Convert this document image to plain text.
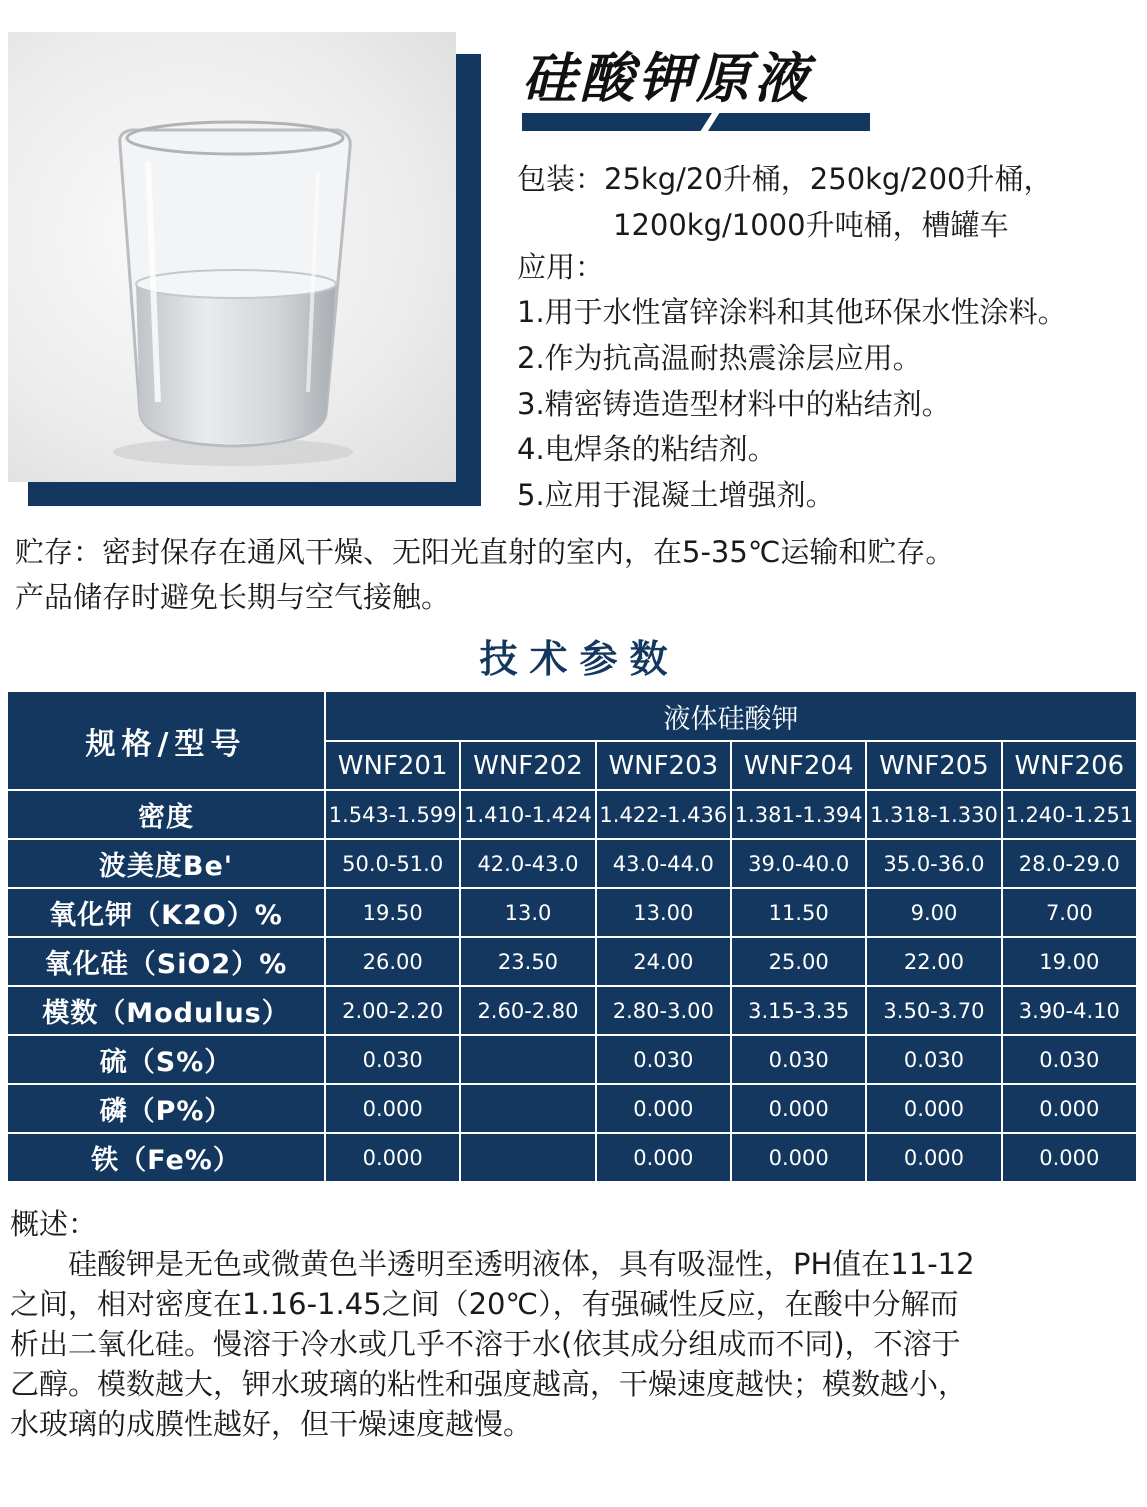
硅酸钾原液
包装：25kg/20升桶，250kg/200升桶，
1200kg/1000升吨桶，槽罐车
应用：
1.用于水性富锌涂料和其他环保水性涂料。
2.作为抗高温耐热震涂层应用。
3.精密铸造造型材料中的粘结剂。
4.电焊条的粘结剂。
5.应用于混凝土增强剂。
贮存：密封保存在通风干燥、无阳光直射的室内，在5-35℃运输和贮存。
产品储存时避免长期与空气接触。
技术参数
规格/型号	液体硅酸钾					
	WNF201	WNF202	WNF203	WNF204	WNF205	WNF206
密度	1.543-1.599	1.410-1.424	1.422-1.436	1.381-1.394	1.318-1.330	1.240-1.251
波美度Be'	50.0-51.0	42.0-43.0	43.0-44.0	39.0-40.0	35.0-36.0	28.0-29.0
氧化钾（K2O）%	19.50	13.0	13.00	11.50	9.00	7.00
氧化硅（SiO2）%	26.00	23.50	24.00	25.00	22.00	19.00
模数（Modulus）	2.00-2.20	2.60-2.80	2.80-3.00	3.15-3.35	3.50-3.70	3.90-4.10
硫（S%）	0.030		0.030	0.030	0.030	0.030
磷（P%）	0.000		0.000	0.000	0.000	0.000
铁（Fe%）	0.000		0.000	0.000	0.000	0.000
概述：
　　硅酸钾是无色或微黄色半透明至透明液体，具有吸湿性，PH值在11-12
之间，相对密度在1.16-1.45之间（20℃），有强碱性反应，在酸中分解而
析出二氧化硅。慢溶于冷水或几乎不溶于水(依其成分组成而不同)，不溶于
乙醇。模数越大，钾水玻璃的粘性和强度越高，干燥速度越快；模数越小，
水玻璃的成膜性越好，但干燥速度越慢。
